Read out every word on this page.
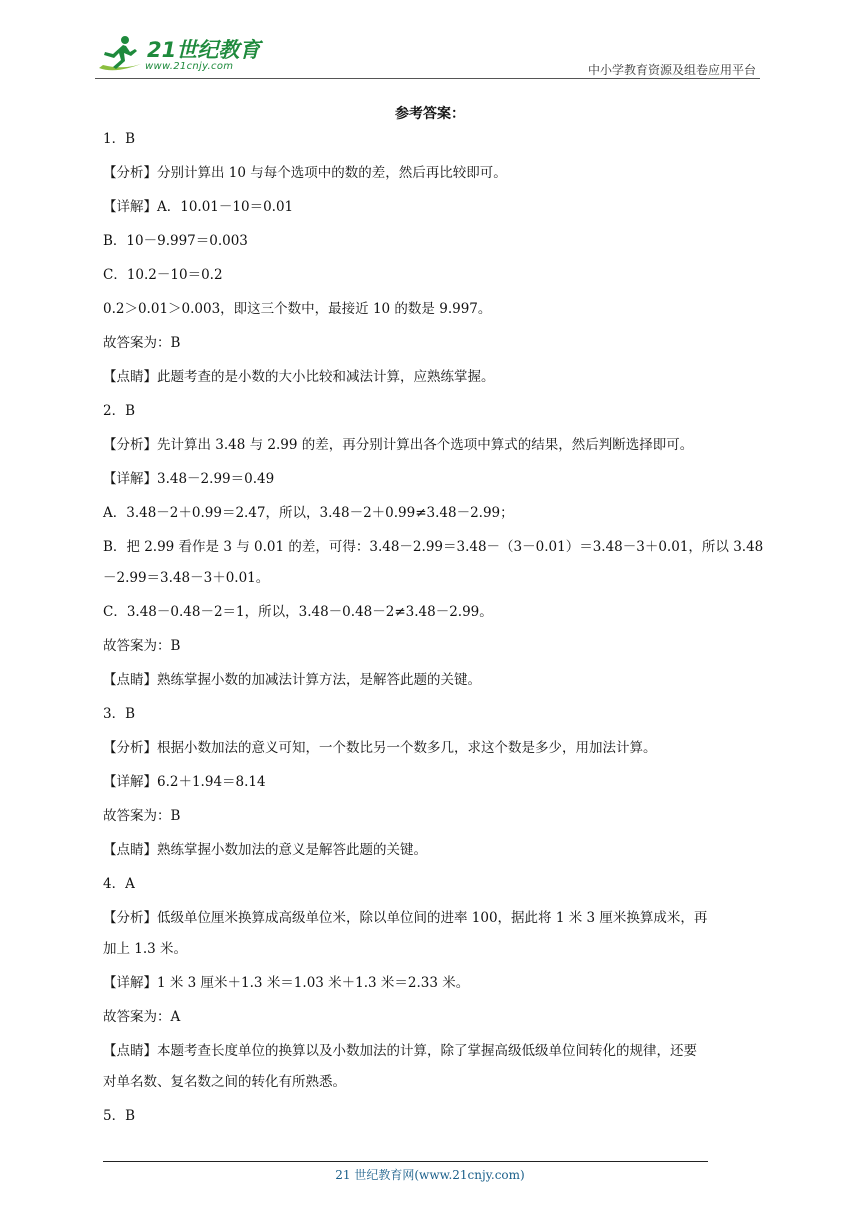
21世纪教育
www.21cnjy.com	中小学教育资源及组卷应用平台
参考答案：

1．B

【分析】分别计算出 10 与每个选项中的数的差，然后再比较即可。

【详解】A．10.01－10＝0.01

B．10－9.997＝0.003

C．10.2－10＝0.2

0.2＞0.01＞0.003，即这三个数中，最接近 10 的数是 9.997。

故答案为：B

【点睛】此题考查的是小数的大小比较和减法计算，应熟练掌握。

2．B

【分析】先计算出 3.48 与 2.99 的差，再分别计算出各个选项中算式的结果，然后判断选择即可。

【详解】3.48－2.99＝0.49

A．3.48－2＋0.99＝2.47，所以，3.48－2＋0.99≠3.48－2.99；

B．把 2.99 看作是 3 与 0.01 的差，可得：3.48－2.99＝3.48－（3－0.01）＝3.48－3＋0.01，所以 3.48

－2.99＝3.48－3＋0.01。

C．3.48－0.48－2＝1，所以，3.48－0.48－2≠3.48－2.99。

故答案为：B

【点睛】熟练掌握小数的加减法计算方法，是解答此题的关键。

3．B

【分析】根据小数加法的意义可知，一个数比另一个数多几，求这个数是多少，用加法计算。

【详解】6.2＋1.94＝8.14

故答案为：B

【点睛】熟练掌握小数加法的意义是解答此题的关键。

4．A

【分析】低级单位厘米换算成高级单位米，除以单位间的进率 100，据此将 1 米 3 厘米换算成米，再

加上 1.3 米。

【详解】1 米 3 厘米＋1.3 米＝1.03 米＋1.3 米＝2.33 米。

故答案为：A

【点睛】本题考查长度单位的换算以及小数加法的计算，除了掌握高级低级单位间转化的规律，还要

对单名数、复名数之间的转化有所熟悉。

5．B

21 世纪教育网(www.21cnjy.com)
